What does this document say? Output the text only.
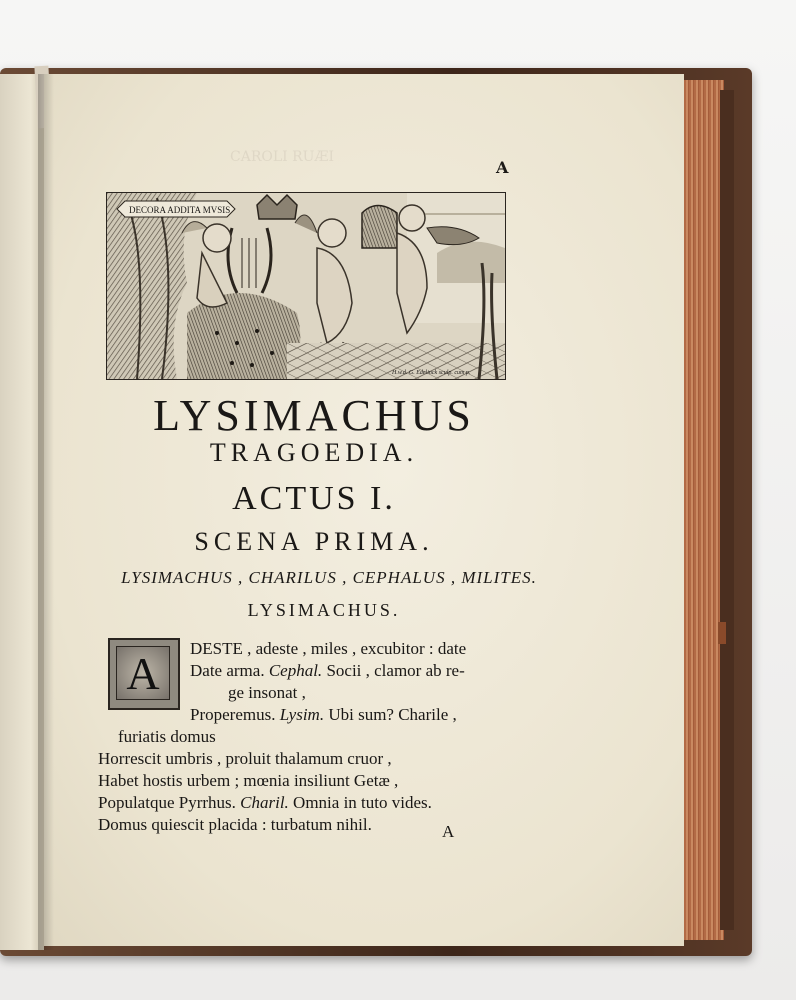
CAROLI RUÆI
A
DECORA ADDITA MVSIS
H.w.d. G. Edelinck sculp. cum p.
LYSIMACHUS
TRAGOEDIA.
ACTUS I.
SCENA PRIMA.
LYSIMACHUS , CHARILUS , CEPHALUS , MILITES.
LYSIMACHUS.
A	DESTE , adeste , miles , excubitor : date
Date arma. Cephal. Socii , clamor ab re-
ge insonat ,
Properemus. Lysim. Ubi sum? Charile ,
furiatis domus
Horrescit umbris , proluit thalamum cruor ,
Habet hostis urbem ; mœnia insiliunt Getæ ,
Populatque Pyrrhus. Charil. Omnia in tuto vides.
Domus quiescit placida : turbatum nihil.	A
